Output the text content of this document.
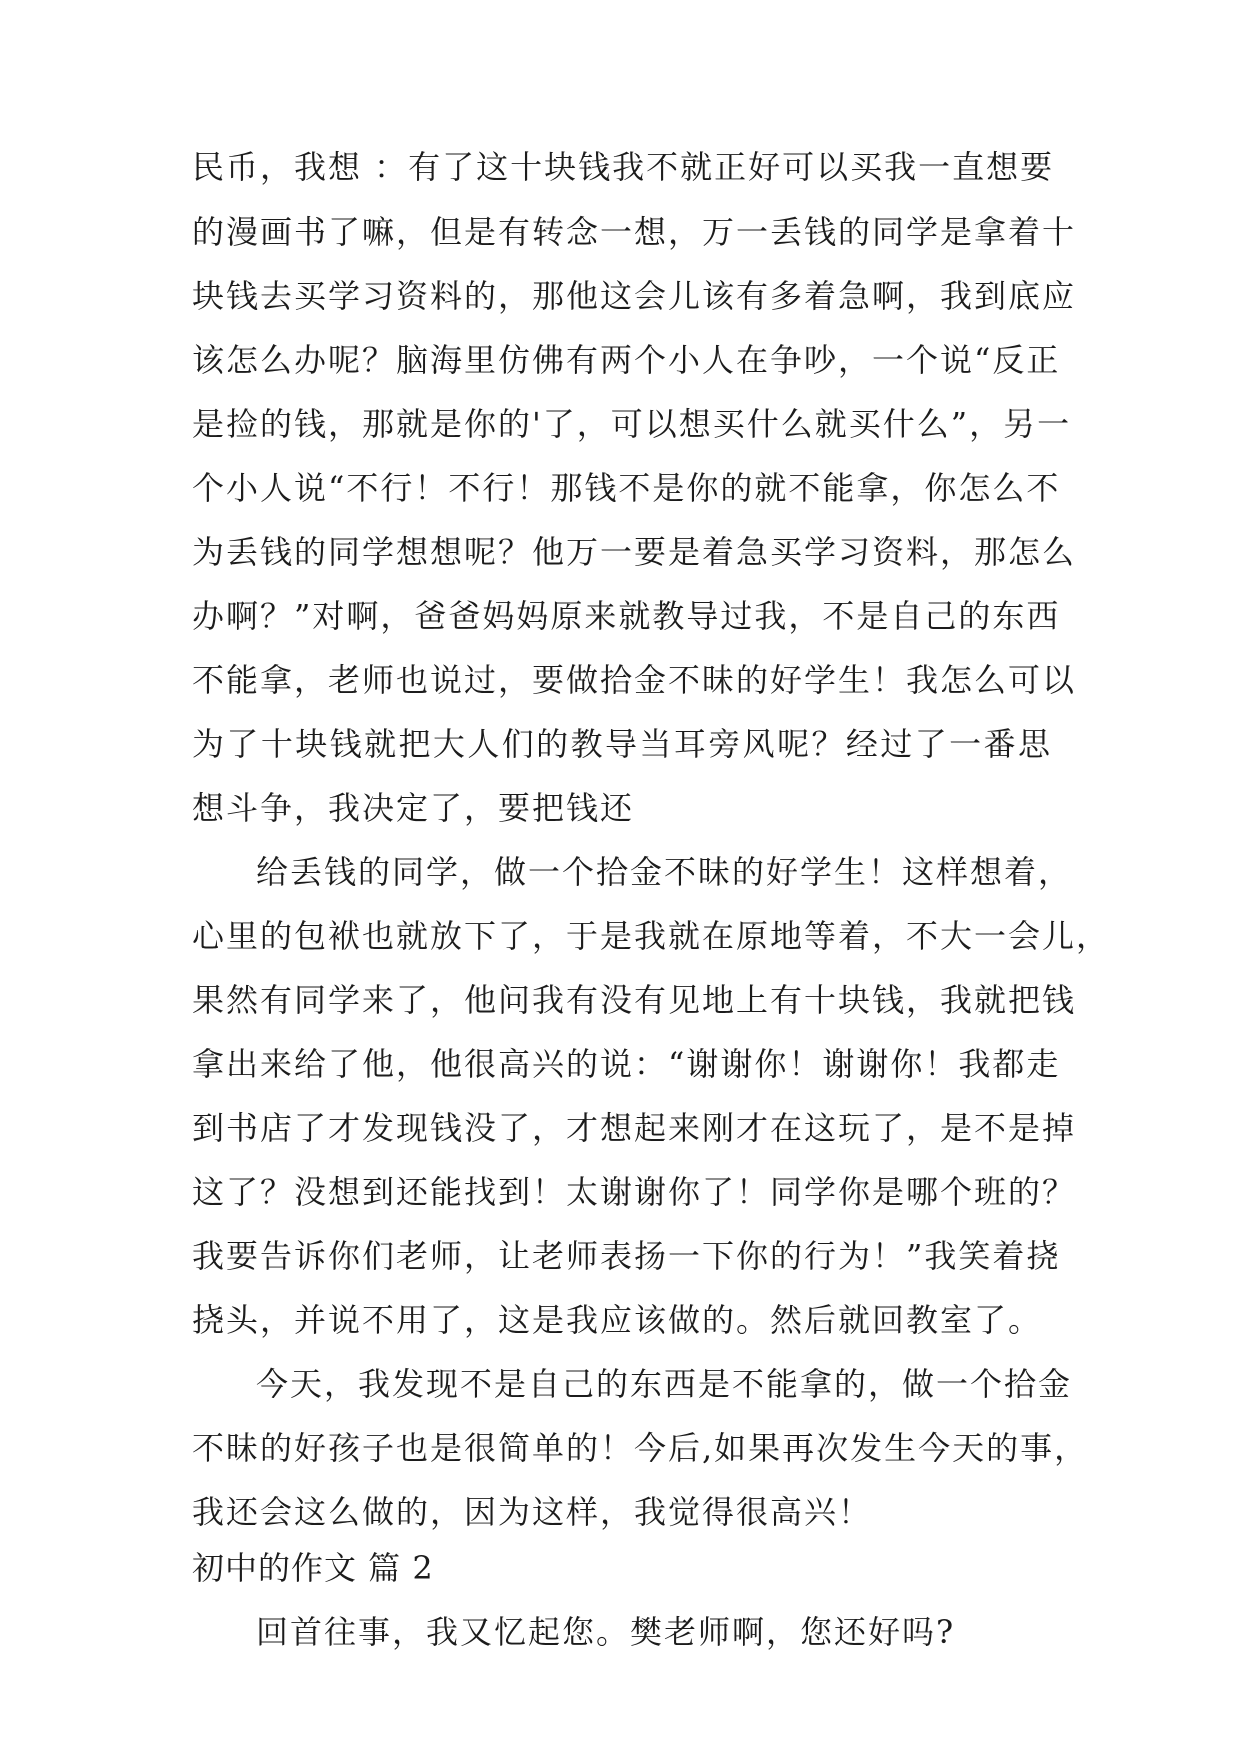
民币，我想 ：有了这十块钱我不就正好可以买我一直想要
的漫画书了嘛，但是有转念一想，万一丢钱的同学是拿着十
块钱去买学习资料的，那他这会儿该有多着急啊，我到底应
该怎么办呢？脑海里仿佛有两个小人在争吵，一个说“反正
是捡的钱，那就是你的'了，可以想买什么就买什么”，另一
个小人说“不行！不行！那钱不是你的就不能拿，你怎么不
为丢钱的同学想想呢？他万一要是着急买学习资料，那怎么
办啊？”对啊，爸爸妈妈原来就教导过我，不是自己的东西
不能拿，老师也说过，要做拾金不昧的好学生！我怎么可以
为了十块钱就把大人们的教导当耳旁风呢？经过了一番思
想斗争，我决定了，要把钱还
给丢钱的同学，做一个拾金不昧的好学生！这样想着，
心里的包袱也就放下了，于是我就在原地等着，不大一会儿，
果然有同学来了，他问我有没有见地上有十块钱，我就把钱
拿出来给了他，他很高兴的说：“谢谢你！谢谢你！我都走
到书店了才发现钱没了，才想起来刚才在这玩了，是不是掉
这了？没想到还能找到！太谢谢你了！同学你是哪个班的？
我要告诉你们老师，让老师表扬一下你的行为！”我笑着挠
挠头，并说不用了，这是我应该做的。然后就回教室了。
今天，我发现不是自己的东西是不能拿的，做一个拾金
不昧的好孩子也是很简单的！今后,如果再次发生今天的事，
我还会这么做的，因为这样，我觉得很高兴！
初中的作文 篇 2
回首往事，我又忆起您。樊老师啊，您还好吗?
